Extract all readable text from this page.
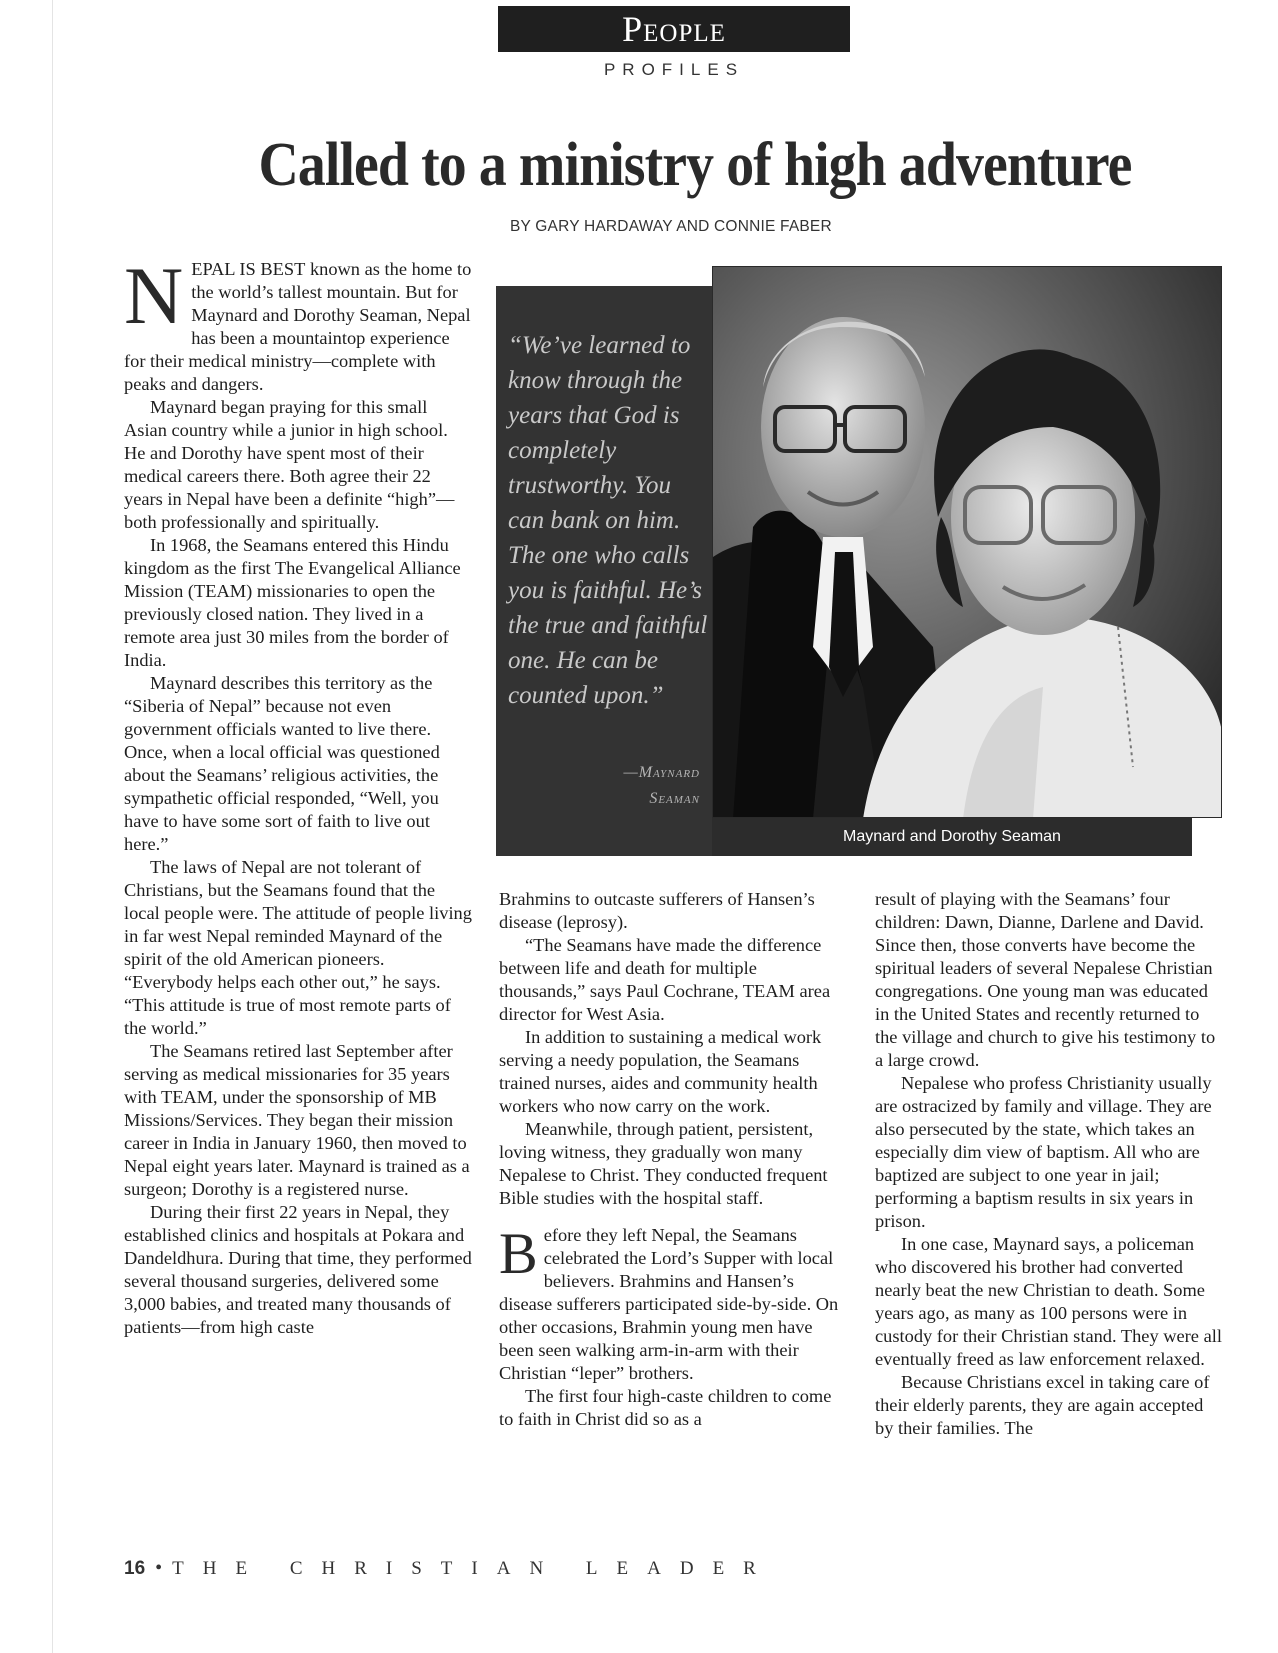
People
PROFILES
Called to a ministry of high adventure
BY GARY HARDAWAY AND CONNIE FABER

NEPAL IS BEST known as the home to the world’s tallest mountain. But for Maynard and Dorothy Seaman, Nepal has been a mountaintop experience for their medical ministry—complete with peaks and dangers.

Maynard began praying for this small Asian country while a junior in high school. He and Dorothy have spent most of their medical careers there. Both agree their 22 years in Nepal have been a definite “high”—both professionally and spiritually.

In 1968, the Seamans entered this Hindu kingdom as the first The Evangelical Alliance Mission (TEAM) missionaries to open the previously closed nation. They lived in a remote area just 30 miles from the border of India.

Maynard describes this territory as the “Siberia of Nepal” because not even government officials wanted to live there. Once, when a local official was questioned about the Seamans’ religious activities, the sympathetic official responded, “Well, you have to have some sort of faith to live out here.”

The laws of Nepal are not tolerant of Christians, but the Seamans found that the local people were. The attitude of people living in far west Nepal reminded Maynard of the spirit of the old American pioneers. “Everybody helps each other out,” he says. “This attitude is true of most remote parts of the world.”

The Seamans retired last September after serving as medical missionaries for 35 years with TEAM, under the sponsorship of MB Missions/Services. They began their mission career in India in January 1960, then moved to Nepal eight years later. Maynard is trained as a surgeon; Dorothy is a registered nurse.

During their first 22 years in Nepal, they established clinics and hospitals at Pokara and Dandeldhura. During that time, they performed several thousand surgeries, delivered some 3,000 babies, and treated many thousands of patients—from high caste

“We’ve learned to know through the years that God is completely trustworthy. You can bank on him. The one who calls you is faithful. He’s the true and faithful one. He can be counted upon.”
—Maynard
Seaman
Maynard and Dorothy Seaman

Brahmins to outcaste sufferers of Hansen’s disease (leprosy).

“The Seamans have made the difference between life and death for multiple thousands,” says Paul Cochrane, TEAM area director for West Asia.

In addition to sustaining a medical work serving a needy population, the Seamans trained nurses, aides and community health workers who now carry on the work.

Meanwhile, through patient, persistent, loving witness, they gradually won many Nepalese to Christ. They conducted frequent Bible studies with the hospital staff.

Before they left Nepal, the Seamans celebrated the Lord’s Supper with local believers. Brahmins and Hansen’s disease sufferers participated side-by-side. On other occasions, Brahmin young men have been seen walking arm-in-arm with their Christian “leper” brothers.

The first four high-caste children to come to faith in Christ did so as a

result of playing with the Seamans’ four children: Dawn, Dianne, Darlene and David. Since then, those converts have become the spiritual leaders of several Nepalese Christian congregations. One young man was educated in the United States and recently returned to the village and church to give his testimony to a large crowd.

Nepalese who profess Christianity usually are ostracized by family and village. They are also persecuted by the state, which takes an especially dim view of baptism. All who are baptized are subject to one year in jail; performing a baptism results in six years in prison.

In one case, Maynard says, a policeman who discovered his brother had converted nearly beat the new Christian to death. Some years ago, as many as 100 persons were in custody for their Christian stand. They were all eventually freed as law enforcement relaxed.

Because Christians excel in taking care of their elderly parents, they are again accepted by their families. The

16 • THE CHRISTIAN LEADER
